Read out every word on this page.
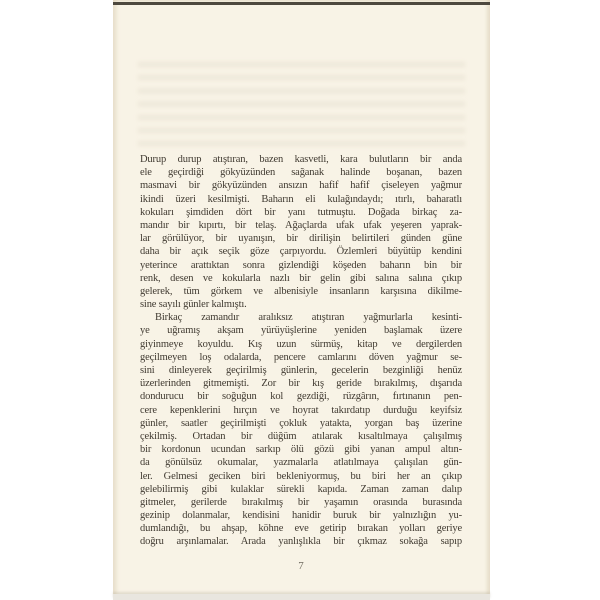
Durup durup atıştıran, bazen kasvetli, kara bulutların bir anda
ele geçirdiği gökyüzünden sağanak halinde boşanan, bazen
masmavi bir gökyüzünden ansızın hafif hafif çiseleyen yağmur
ikindi üzeri kesilmişti. Baharın eli kulağındaydı; ıtırlı, baharatlı
kokuları şimdiden dört bir yanı tutmuştu. Doğada birkaç za-
mandır bir kıpırtı, bir telaş. Ağaçlarda ufak ufak yeşeren yaprak-
lar görülüyor, bir uyanışın, bir dirilişin belirtileri günden güne
daha bir açık seçik göze çarpıyordu. Özlemleri büyütüp kendini
yeterince arattıktan sonra gizlendiği köşeden baharın bin bir
renk, desen ve kokularla nazlı bir gelin gibi salına salına çıkıp
gelerek, tüm görkem ve albenisiyle insanların karşısına dikilme-
sine sayılı günler kalmıştı.
Birkaç zamandır aralıksız atıştıran yağmurlarla kesinti-
ye uğramış akşam yürüyüşlerine yeniden başlamak üzere
giyinmeye koyuldu. Kış uzun sürmüş, kitap ve dergilerden
geçilmeyen loş odalarda, pencere camlarını döven yağmur se-
sini dinleyerek geçirilmiş günlerin, gecelerin bezginliği henüz
üzerlerinden gitmemişti. Zor bir kış geride bırakılmış, dışarıda
dondurucu bir soğuğun kol gezdiği, rüzgârın, fırtınanın pen-
cere kepenklerini hırçın ve hoyrat takırdatıp durduğu keyifsiz
günler, saatler geçirilmişti çokluk yatakta, yorgan baş üzerine
çekilmiş. Ortadan bir düğüm atılarak kısaltılmaya çalışılmış
bir kordonun ucundan sarkıp ölü gözü gibi yanan ampul altın-
da gönülsüz okumalar, yazmalarla atlatılmaya çalışılan gün-
ler. Gelmesi geciken biri bekleniyormuş, bu biri her an çıkıp
gelebilirmiş gibi kulaklar sürekli kapıda. Zaman zaman dalıp
gitmeler, gerilerde bırakılmış bir yaşamın orasında burasında
gezinip dolanmalar, kendisini hanidir buruk bir yalnızlığın yu-
dumlandığı, bu ahşap, köhne eve getirip bırakan yolları geriye
doğru arşınlamalar. Arada yanlışlıkla bir çıkmaz sokağa sapıp
7
